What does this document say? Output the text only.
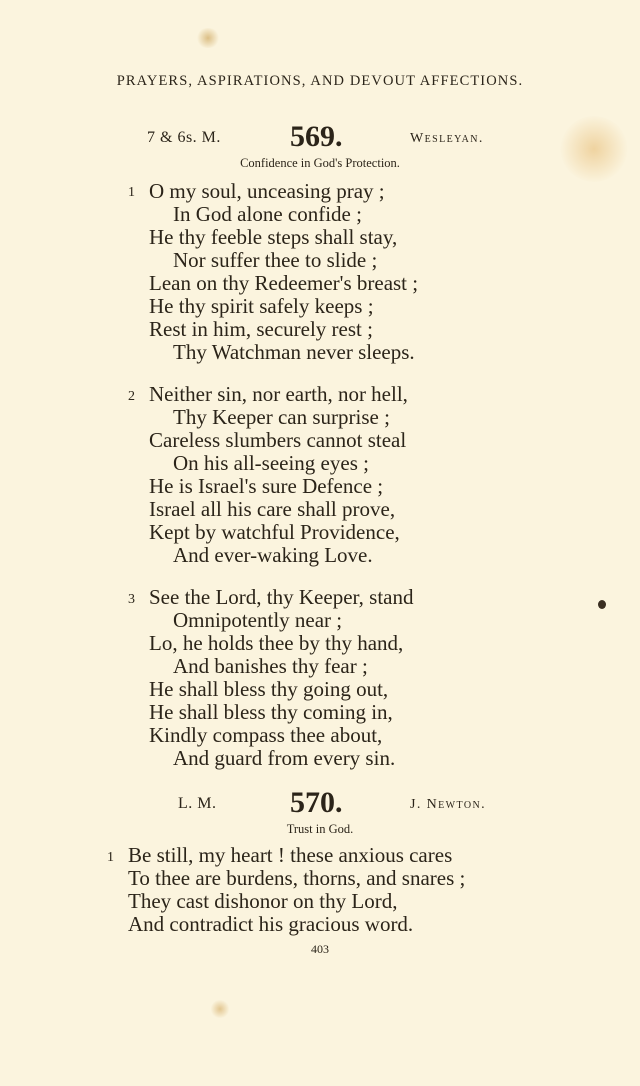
PRAYERS, ASPIRATIONS, AND DEVOUT AFFECTIONS.
7 & 6s. M. 569.	Wesleyan.
Confidence in God's Protection.
1 O my soul, unceasing pray ;
In God alone confide ;
He thy feeble steps shall stay,
Nor suffer thee to slide ;
Lean on thy Redeemer's breast ;
He thy spirit safely keeps ;
Rest in him, securely rest ;
Thy Watchman never sleeps.
2 Neither sin, nor earth, nor hell,
Thy Keeper can surprise ;
Careless slumbers cannot steal
On his all-seeing eyes ;
He is Israel's sure Defence ;
Israel all his care shall prove,
Kept by watchful Providence,
And ever-waking Love.
3 See the Lord, thy Keeper, stand
Omnipotently near ;
Lo, he holds thee by thy hand,
And banishes thy fear ;
He shall bless thy going out,
He shall bless thy coming in,
Kindly compass thee about,
And guard from every sin.
L. M. 570.	J. Newton.
Trust in God.
1 Be still, my heart ! these anxious cares
To thee are burdens, thorns, and snares ;
They cast dishonor on thy Lord,
And contradict his gracious word.
403
